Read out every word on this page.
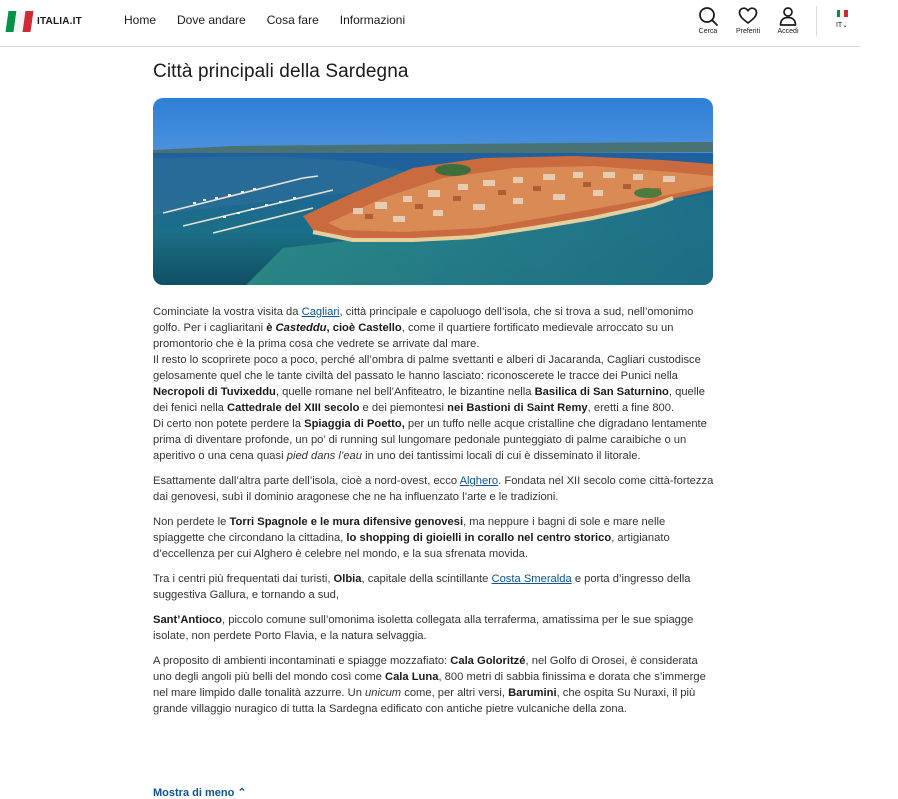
ITALIA.IT	Home Dove andare Cosa fare Informazioni
Cerca	Preferiti	Accedi
IT⌄
Città principali della Sardegna

Cominciate la vostra visita da Cagliari, città principale e capoluogo dell’isola, che si trova a sud, nell’omonimo golfo. Per i cagliaritani è Casteddu, cioè Castello, come il quartiere fortificato medievale arroccato su un promontorio che è la prima cosa che vedrete se arrivate dal mare.
Il resto lo scoprirete poco a poco, perché all’ombra di palme svettanti e alberi di Jacaranda, Cagliari custodisce gelosamente quel che le tante civiltà del passato le hanno lasciato: riconoscerete le tracce dei Punici nella Necropoli di Tuvixeddu, quelle romane nel bell’Anfiteatro, le bizantine nella Basilica di San Saturnino, quelle dei fenici nella Cattedrale del XIII secolo e dei piemontesi nei Bastioni di Saint Remy, eretti a fine 800.
Di certo non potete perdere la Spiaggia di Poetto, per un tuffo nelle acque cristalline che digradano lentamente prima di diventare profonde, un po’ di running sul lungomare pedonale punteggiato di palme caraibiche o un aperitivo o una cena quasi pied dans l’eau in uno dei tantissimi locali di cui è disseminato il litorale.

Esattamente dall’altra parte dell’isola, cioè a nord-ovest, ecco Alghero. Fondata nel XII secolo come città-fortezza dai genovesi, subì il dominio aragonese che ne ha influenzato l’arte e le tradizioni.

Non perdete le Torri Spagnole e le mura difensive genovesi, ma neppure i bagni di sole e mare nelle spiaggette che circondano la cittadina, lo shopping di gioielli in corallo nel centro storico, artigianato d’eccellenza per cui Alghero è celebre nel mondo, e la sua sfrenata movida.

Tra i centri più frequentati dai turisti, Olbia, capitale della scintillante Costa Smeralda e porta d’ingresso della suggestiva Gallura, e tornando a sud,

Sant’Antioco, piccolo comune sull’omonima isoletta collegata alla terraferma, amatissima per le sue spiagge isolate, non perdete Porto Flavia, e la natura selvaggia.

A proposito di ambienti incontaminati e spiagge mozzafiato: Cala Goloritzé, nel Golfo di Orosei, è considerata uno degli angoli più belli del mondo così come Cala Luna, 800 metri di sabbia finissima e dorata che s’immerge nel mare limpido dalle tonalità azzurre. Un unicum come, per altri versi, Barumini, che ospita Su Nuraxi, il più grande villaggio nuragico di tutta la Sardegna edificato con antiche pietre vulcaniche della zona.

Mostra di meno ⌃
